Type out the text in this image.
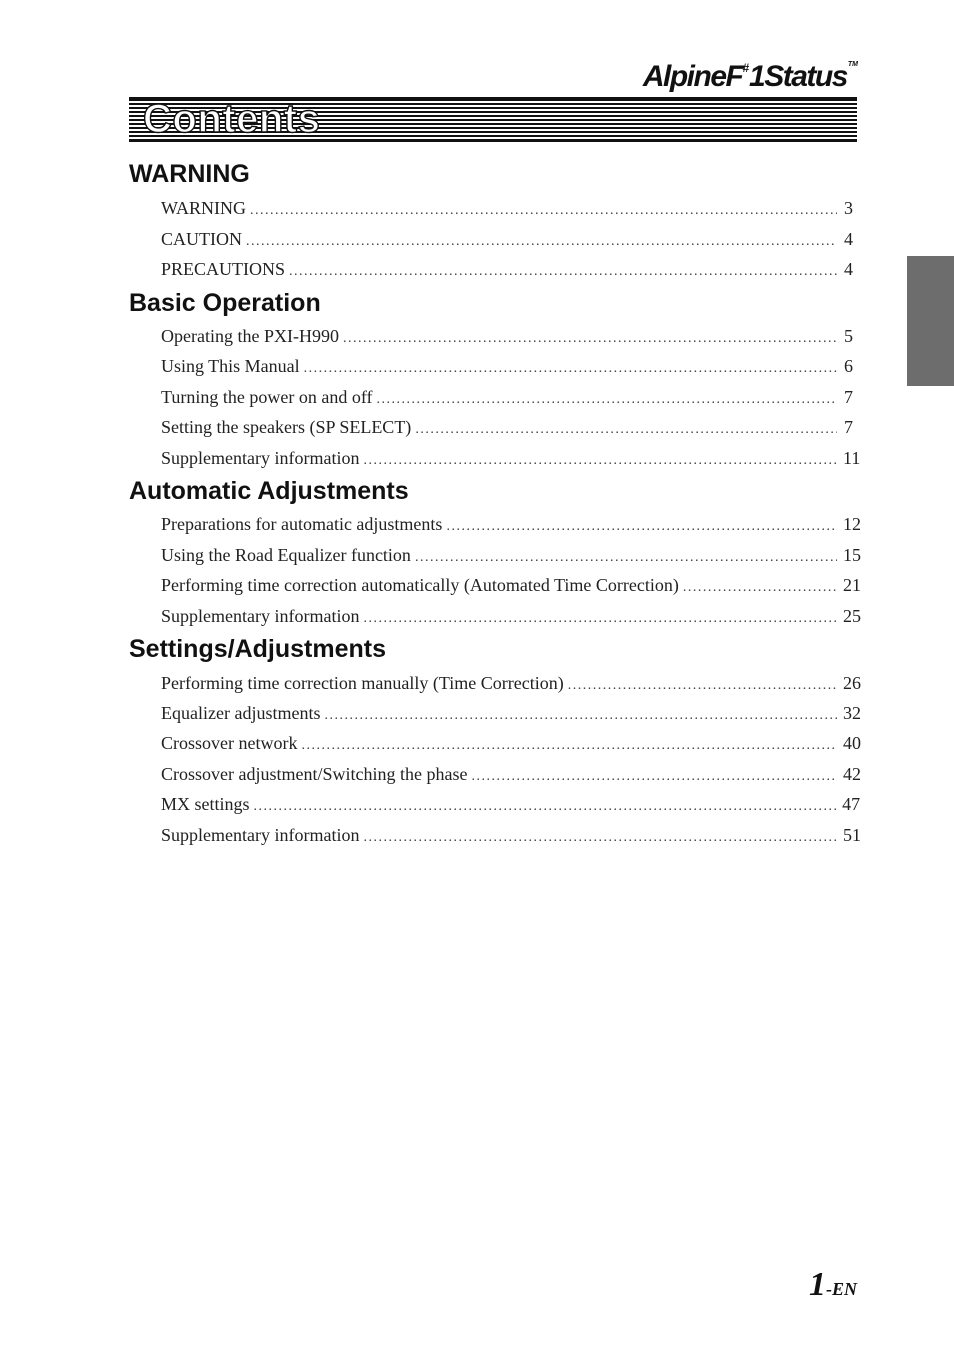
AlpineF#1Status™
Contents
WARNING
WARNING .....	3
CAUTION .....	4
PRECAUTIONS .....	4
Basic Operation
Operating the PXI-H990 .....	5
Using This Manual .....	6
Turning the power on and off .....	7
Setting the speakers (SP SELECT) .....	7
Supplementary information .....	11
Automatic Adjustments
Preparations for automatic adjustments .....	12
Using the Road Equalizer function .....	15
Performing time correction automatically (Automated Time Correction) .....	21
Supplementary information .....	25
Settings/Adjustments
Performing time correction manually (Time Correction) .....	26
Equalizer adjustments .....	32
Crossover network .....	40
Crossover adjustment/Switching the phase .....	42
MX settings .....	47
Supplementary information .....	51
1-EN
